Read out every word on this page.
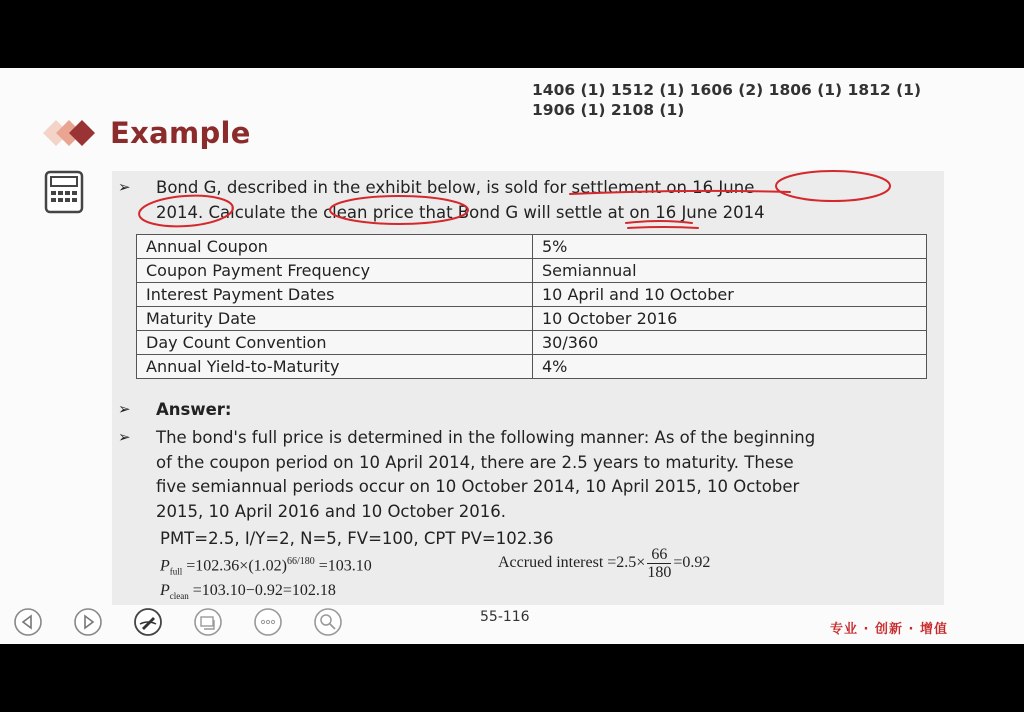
1406 (1) 1512 (1) 1606 (2) 1806 (1) 1812 (1)
1906 (1) 2108 (1)
Example
➢ Bond G, described in the exhibit below, is sold for settlement on 16 June
2014. Calculate the clean price that Bond G will settle at on 16 June 2014
Annual Coupon	5%
Coupon Payment Frequency	Semiannual
Interest Payment Dates	10 April and 10 October
Maturity Date	10 October 2016
Day Count Convention	30/360
Annual Yield-to-Maturity	4%
➢ Answer:
➢ The bond's full price is determined in the following manner: As of the beginning
of the coupon period on 10 April 2014, there are 2.5 years to maturity. These
five semiannual periods occur on 10 October 2014, 10 April 2015, 10 October
2015, 10 April 2016 and 10 October 2016.
PMT=2.5, I/Y=2, N=5, FV=100, CPT PV=102.36
$P_{full} =102.36\times(1.02)^{66/180} =103.10$	Accrued interest $=2.5\times \frac{66}{180} =0.92$
$P_{clean} =103.10-0.92=102.18$
55-116
专业 · 创新 · 增值
